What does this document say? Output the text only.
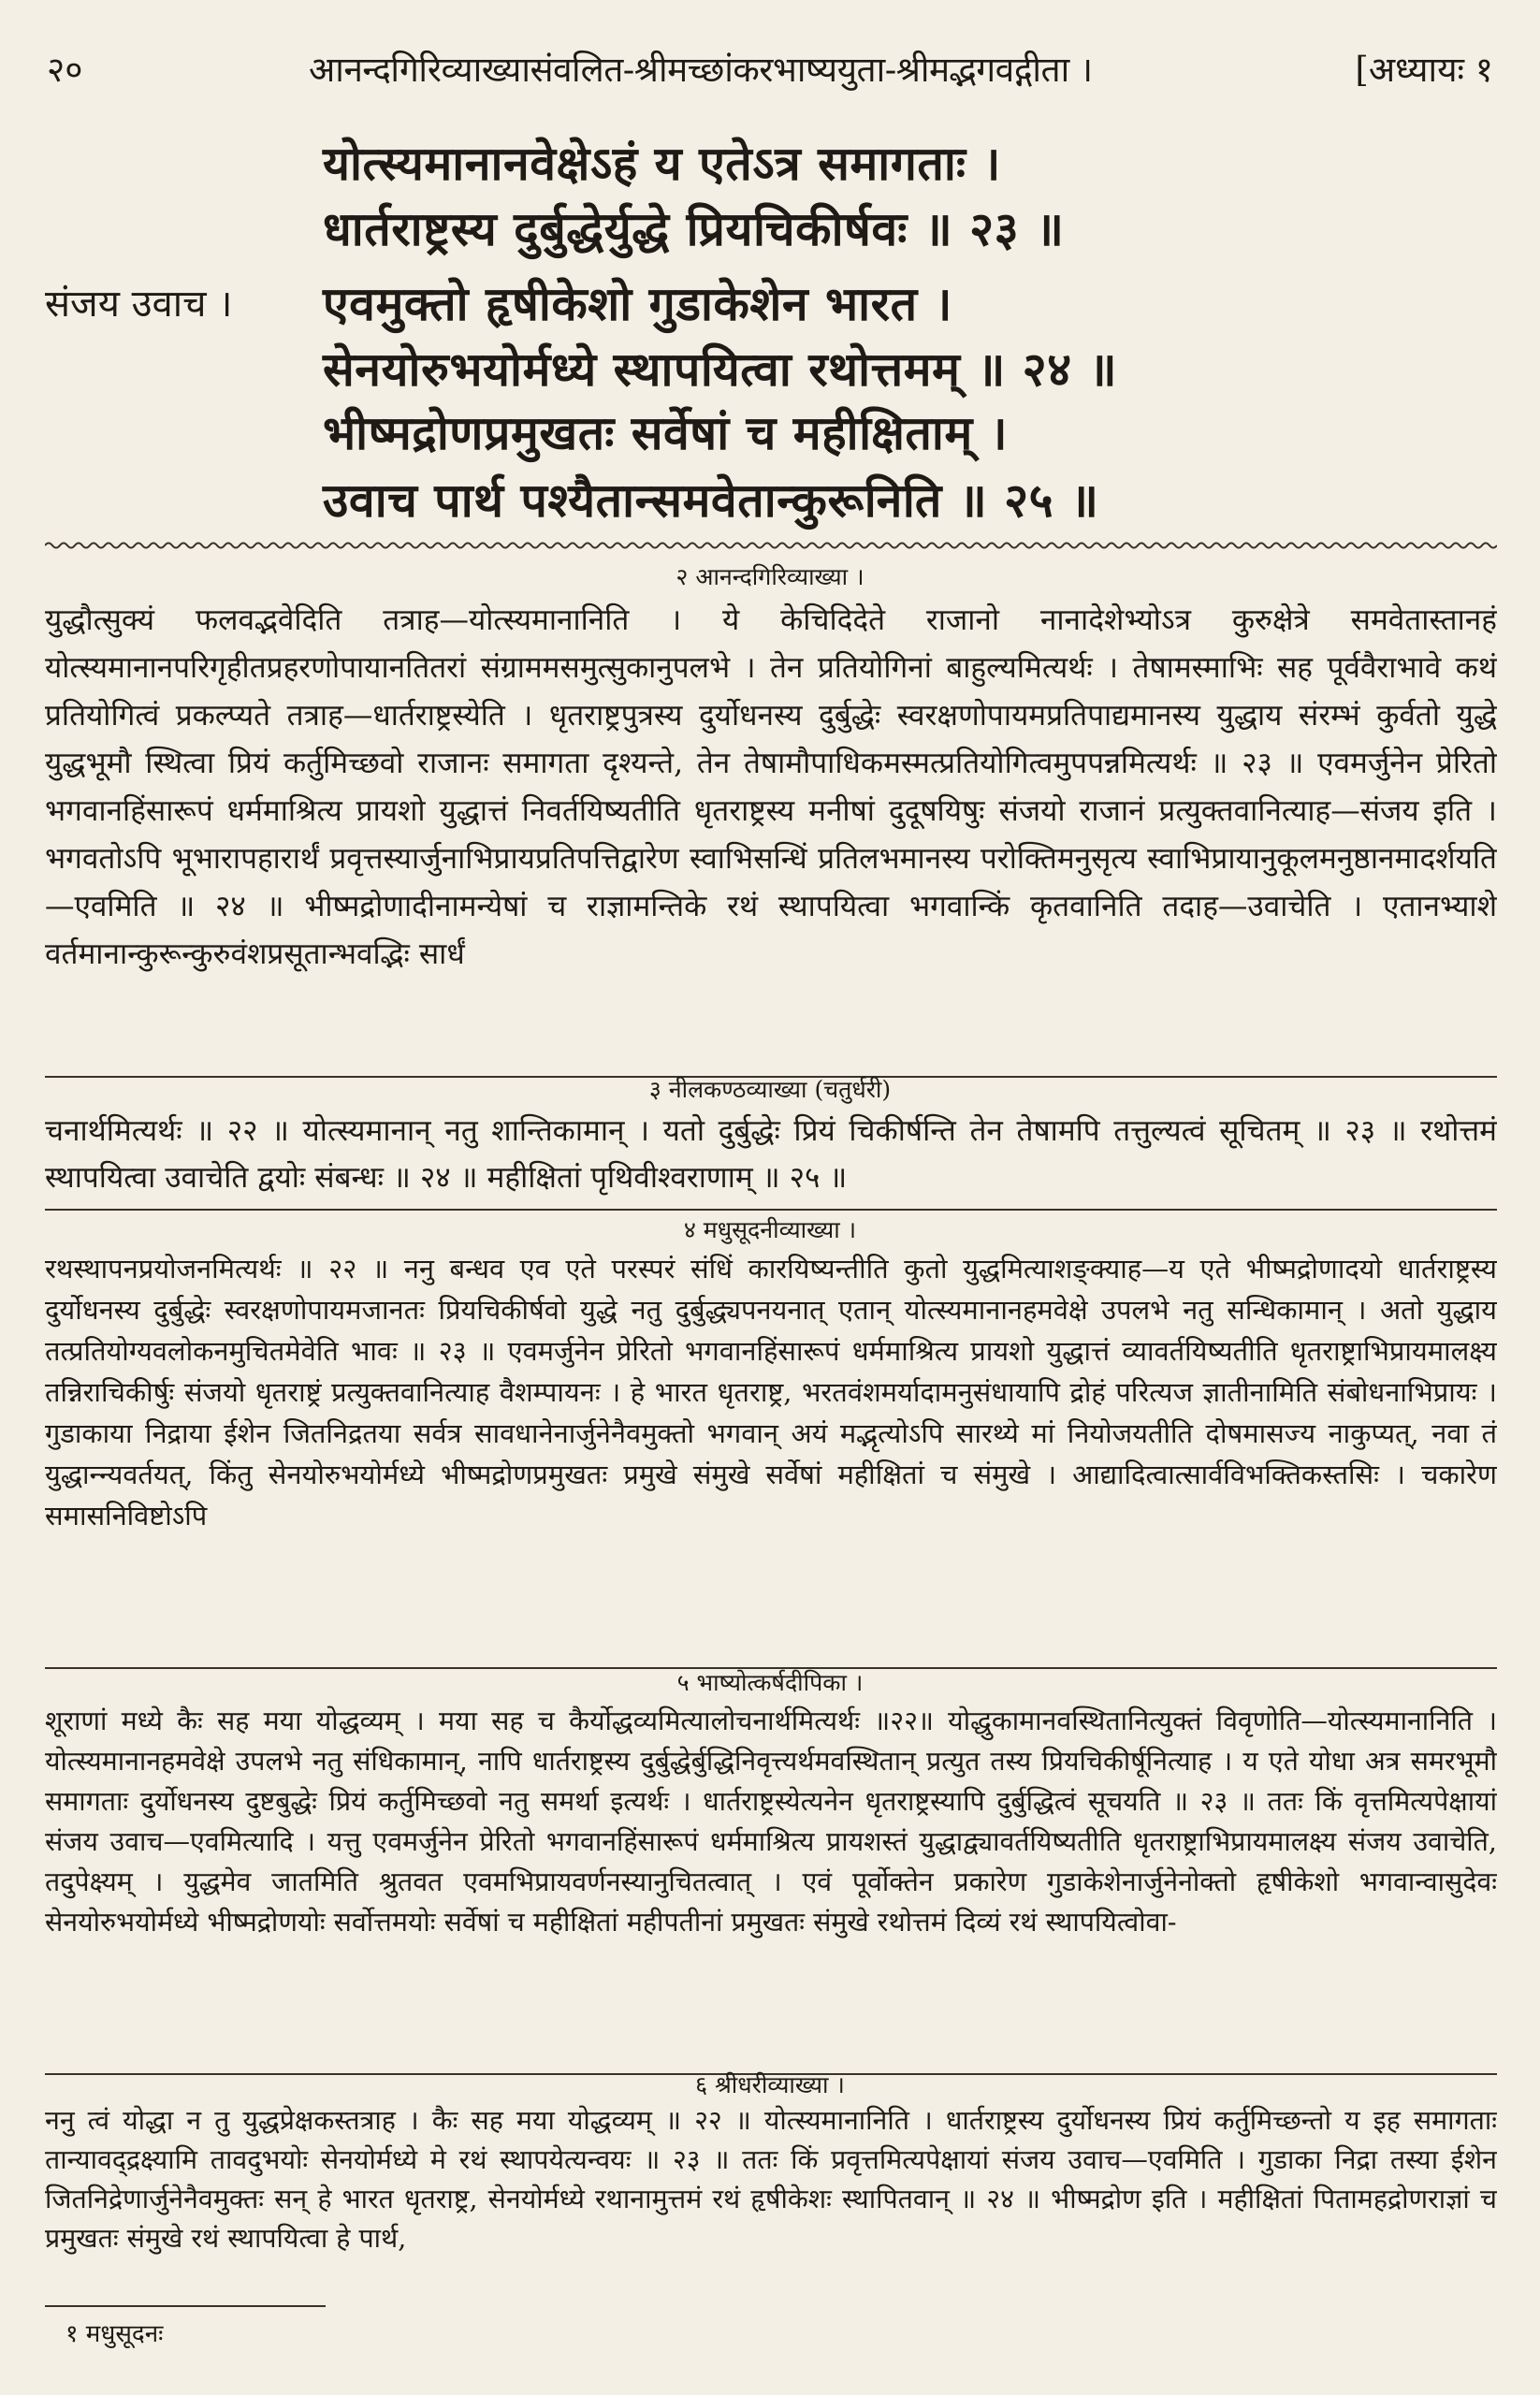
२०	आनन्दगिरिव्याख्यासंवलित-श्रीमच्छांकरभाष्ययुता-श्रीमद्भगवद्गीता ।	[अध्यायः १
योत्स्यमानानवेक्षेऽहं य एतेऽत्र समागताः ।
धार्तराष्ट्रस्य दुर्बुद्धेर्युद्धे प्रियचिकीर्षवः ॥ २३ ॥
संजय उवाच । एवमुक्तो हृषीकेशो गुडाकेशेन भारत ।
सेनयोरुभयोर्मध्ये स्थापयित्वा रथोत्तमम् ॥ २४ ॥
भीष्मद्रोणप्रमुखतः सर्वेषां च महीक्षिताम् ।
उवाच पार्थ पश्यैतान्समवेतान्कुरूनिति ॥ २५ ॥
२ आनन्दगिरिव्याख्या ।
युद्धौत्सुक्यं फलवद्भवेदिति तत्राह—योत्स्यमानानिति । ये केचिदिदेते राजानो नानादेशेभ्योऽत्र कुरुक्षेत्रे समवेतास्तानहं योत्स्यमानानपरिगृहीतप्रहरणोपायानतितरां संग्राममसमुत्सुकानुपलभे । तेन प्रतियोगिनां बाहुल्यमित्यर्थः । तेषामस्माभिः सह पूर्ववैराभावे कथं प्रतियोगित्वं प्रकल्प्यते तत्राह—धार्तराष्ट्रस्येति । धृतराष्ट्रपुत्रस्य दुर्योधनस्य दुर्बुद्धेः स्वरक्षणोपायमप्रतिपाद्यमानस्य युद्धाय संरम्भं कुर्वतो युद्धे युद्धभूमौ स्थित्वा प्रियं कर्तुमिच्छवो राजानः समागता दृश्यन्ते, तेन तेषामौपाधिकमस्मत्प्रतियोगित्वमुपपन्नमित्यर्थः ॥ २३ ॥ एवमर्जुनेन प्रेरितो भगवानहिंसारूपं धर्ममाश्रित्य प्रायशो युद्धात्तं निवर्तयिष्यतीति धृतराष्ट्रस्य मनीषां दुदूषयिषुः संजयो राजानं प्रत्युक्तवानित्याह—संजय इति । भगवतोऽपि भूभारापहारार्थं प्रवृत्तस्यार्जुनाभिप्रायप्रतिपत्तिद्वारेण स्वाभिसन्धिं प्रतिलभमानस्य परोक्तिमनुसृत्य स्वाभिप्रायानुकूलमनुष्ठानमादर्शयति—एवमिति ॥ २४ ॥ भीष्मद्रोणादीनामन्येषां च राज्ञामन्तिके रथं स्थापयित्वा भगवान्किं कृतवानिति तदाह—उवाचेति । एतानभ्याशे वर्तमानान्कुरून्कुरुवंशप्रसूतान्भवद्भिः सार्धं
३ नीलकण्ठव्याख्या (चतुर्धरी)
चनार्थमित्यर्थः ॥ २२ ॥ योत्स्यमानान् नतु शान्तिकामान् । यतो दुर्बुद्धेः प्रियं चिकीर्षन्ति तेन तेषामपि तत्तुल्यत्वं सूचितम् ॥ २३ ॥ रथोत्तमं स्थापयित्वा उवाचेति द्वयोः संबन्धः ॥ २४ ॥ महीक्षितां पृथिवीश्वराणाम् ॥ २५ ॥
४ मधुसूदनीव्याख्या ।
रथस्थापनप्रयोजनमित्यर्थः ॥ २२ ॥ ननु बन्धव एव एते परस्परं संधिं कारयिष्यन्तीति कुतो युद्धमित्याशङ्क्याह—य एते भीष्मद्रोणादयो धार्तराष्ट्रस्य दुर्योधनस्य दुर्बुद्धेः स्वरक्षणोपायमजानतः प्रियचिकीर्षवो युद्धे नतु दुर्बुद्ध्यपनयनात् एतान् योत्स्यमानानहमवेक्षे उपलभे नतु सन्धिकामान् । अतो युद्धाय तत्प्रतियोग्यवलोकनमुचितमेवेति भावः ॥ २३ ॥ एवमर्जुनेन प्रेरितो भगवानहिंसारूपं धर्ममाश्रित्य प्रायशो युद्धात्तं व्यावर्तयिष्यतीति धृतराष्ट्राभिप्रायमालक्ष्य तन्निराचिकीर्षुः संजयो धृतराष्ट्रं प्रत्युक्तवानित्याह वैशम्पायनः । हे भारत धृतराष्ट्र, भरतवंशमर्यादामनुसंधायापि द्रोहं परित्यज ज्ञातीनामिति संबोधनाभिप्रायः । गुडाकाया निद्राया ईशेन जितनिद्रतया सर्वत्र सावधानेनार्जुनेनैवमुक्तो भगवान् अयं मद्भृत्योऽपि सारथ्ये मां नियोजयतीति दोषमासज्य नाकुप्यत्, नवा तं युद्धान्न्यवर्तयत्, किंतु सेनयोरुभयोर्मध्ये भीष्मद्रोणप्रमुखतः प्रमुखे संमुखे सर्वेषां महीक्षितां च संमुखे । आद्यादित्वात्सार्वविभक्तिकस्तसिः । चकारेण समासनिविष्टोऽपि
५ भाष्योत्कर्षदीपिका ।
शूराणां मध्ये कैः सह मया योद्धव्यम् । मया सह च कैर्योद्धव्यमित्यालोचनार्थमित्यर्थः ॥२२॥ योद्धुकामानवस्थितानित्युक्तं विवृणोति—योत्स्यमानानिति । योत्स्यमानानहमवेक्षे उपलभे नतु संधिकामान्, नापि धार्तराष्ट्रस्य दुर्बुद्धेर्बुद्धिनिवृत्त्यर्थमवस्थितान् प्रत्युत तस्य प्रियचिकीर्षूनित्याह । य एते योधा अत्र समरभूमौ समागताः दुर्योधनस्य दुष्टबुद्धेः प्रियं कर्तुमिच्छवो नतु समर्था इत्यर्थः । धार्तराष्ट्रस्येत्यनेन धृतराष्ट्रस्यापि दुर्बुद्धित्वं सूचयति ॥ २३ ॥ ततः किं वृत्तमित्यपेक्षायां संजय उवाच—एवमित्यादि । यत्तु एवमर्जुनेन प्रेरितो भगवानहिंसारूपं धर्ममाश्रित्य प्रायशस्तं युद्धाद्व्यावर्तयिष्यतीति धृतराष्ट्राभिप्रायमालक्ष्य संजय उवाचेति, तदुपेक्ष्यम् । युद्धमेव जातमिति श्रुतवत एवमभिप्रायवर्णनस्यानुचितत्वात् । एवं पूर्वोक्तेन प्रकारेण गुडाकेशेनार्जुनेनोक्तो हृषीकेशो भगवान्वासुदेवः सेनयोरुभयोर्मध्ये भीष्मद्रोणयोः सर्वोत्तमयोः सर्वेषां च महीक्षितां महीपतीनां प्रमुखतः संमुखे रथोत्तमं दिव्यं रथं स्थापयित्वोवा-
६ श्रीधरीव्याख्या ।
ननु त्वं योद्धा न तु युद्धप्रेक्षकस्तत्राह । कैः सह मया योद्धव्यम् ॥ २२ ॥ योत्स्यमानानिति । धार्तराष्ट्रस्य दुर्योधनस्य प्रियं कर्तुमिच्छन्तो य इह समागताः तान्यावद्द्रक्ष्यामि तावदुभयोः सेनयोर्मध्ये मे रथं स्थापयेत्यन्वयः ॥ २३ ॥ ततः किं प्रवृत्तमित्यपेक्षायां संजय उवाच—एवमिति । गुडाका निद्रा तस्या ईशेन जितनिद्रेणार्जुनेनैवमुक्तः सन् हे भारत धृतराष्ट्र, सेनयोर्मध्ये रथानामुत्तमं रथं हृषीकेशः स्थापितवान् ॥ २४ ॥ भीष्मद्रोण इति । महीक्षितां पितामहद्रोणराज्ञां च प्रमुखतः संमुखे रथं स्थापयित्वा हे पार्थ,
१ मधुसूदनः
